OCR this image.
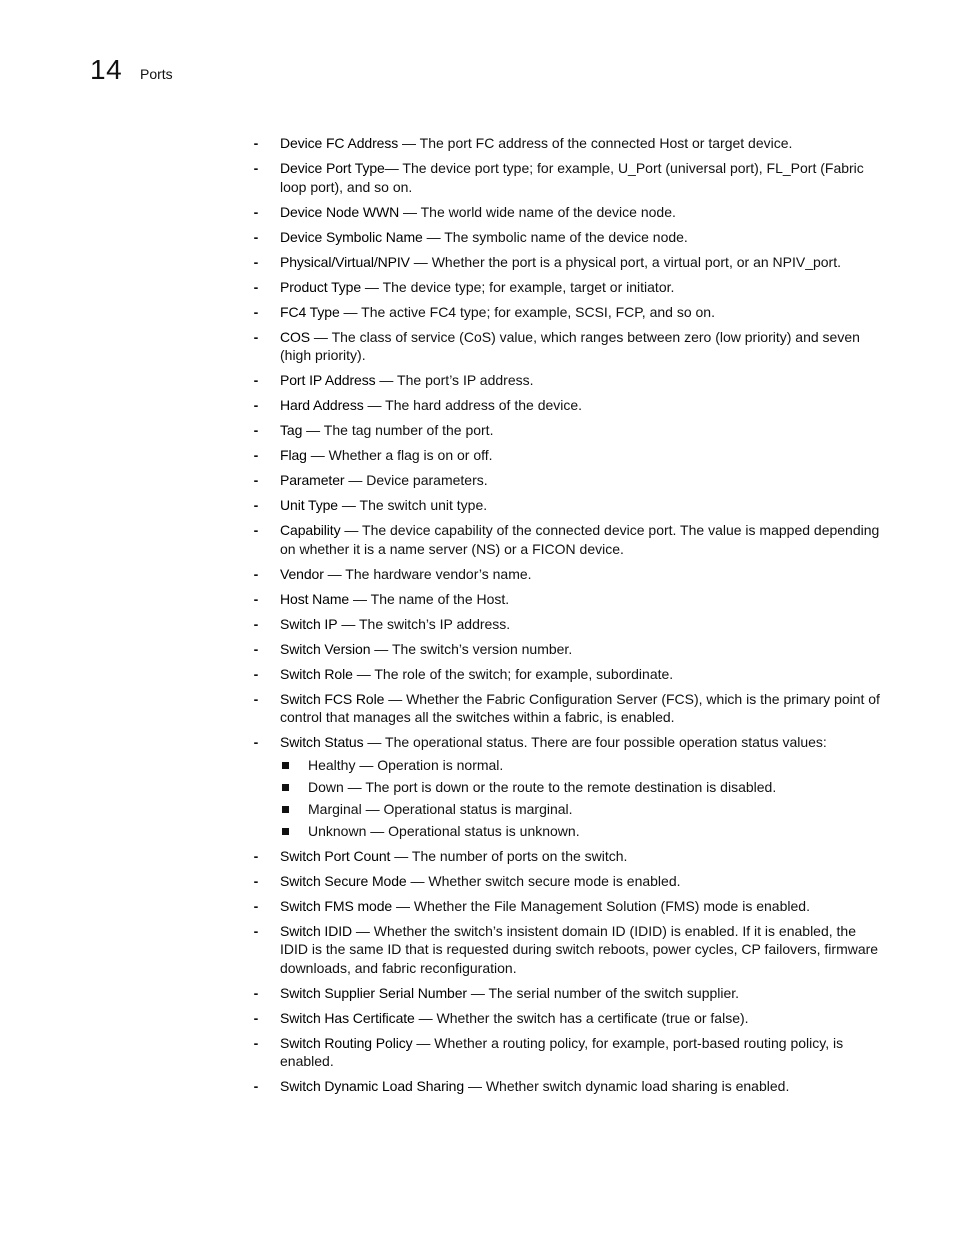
14 Ports
- Device FC Address — The port FC address of the connected Host or target device.
- Device Port Type— The device port type; for example, U_Port (universal port), FL_Port (Fabric loop port), and so on.
- Device Node WWN — The world wide name of the device node.
- Device Symbolic Name — The symbolic name of the device node.
- Physical/Virtual/NPIV — Whether the port is a physical port, a virtual port, or an NPIV_port.
- Product Type — The device type; for example, target or initiator.
- FC4 Type — The active FC4 type; for example, SCSI, FCP, and so on.
- COS — The class of service (CoS) value, which ranges between zero (low priority) and seven (high priority).
- Port IP Address — The port’s IP address.
- Hard Address — The hard address of the device.
- Tag — The tag number of the port.
- Flag — Whether a flag is on or off.
- Parameter — Device parameters.
- Unit Type — The switch unit type.
- Capability — The device capability of the connected device port. The value is mapped depending on whether it is a name server (NS) or a FICON device.
- Vendor — The hardware vendor’s name.
- Host Name — The name of the Host.
- Switch IP — The switch’s IP address.
- Switch Version — The switch’s version number.
- Switch Role — The role of the switch; for example, subordinate.
- Switch FCS Role — Whether the Fabric Configuration Server (FCS), which is the primary point of control that manages all the switches within a fabric, is enabled.
- Switch Status — The operational status. There are four possible operation status values:
Healthy — Operation is normal.
Down — The port is down or the route to the remote destination is disabled.
Marginal — Operational status is marginal.
Unknown — Operational status is unknown.
- Switch Port Count — The number of ports on the switch.
- Switch Secure Mode — Whether switch secure mode is enabled.
- Switch FMS mode — Whether the File Management Solution (FMS) mode is enabled.
- Switch IDID — Whether the switch’s insistent domain ID (IDID) is enabled. If it is enabled, the IDID is the same ID that is requested during switch reboots, power cycles, CP failovers, firmware downloads, and fabric reconfiguration.
- Switch Supplier Serial Number — The serial number of the switch supplier.
- Switch Has Certificate — Whether the switch has a certificate (true or false).
- Switch Routing Policy — Whether a routing policy, for example, port-based routing policy, is enabled.
- Switch Dynamic Load Sharing — Whether switch dynamic load sharing is enabled.
